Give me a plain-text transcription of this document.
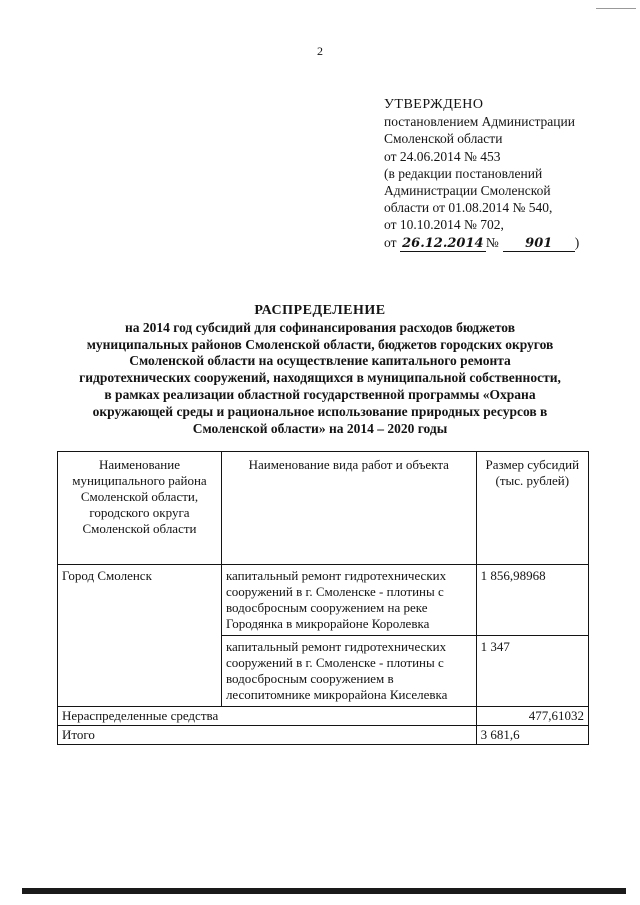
2
УТВЕРЖДЕНО
постановлением Администрации
Смоленской области
от 24.06.2014 № 453
(в редакции постановлений
Администрации Смоленской
области от 01.08.2014 № 540,
от 10.10.2014 № 702,
от 26.12.2014 № 901 )
РАСПРЕДЕЛЕНИЕ
на 2014 год субсидий для софинансирования расходов бюджетов
муниципальных районов Смоленской области, бюджетов городских округов
Смоленской области на осуществление капитального ремонта
гидротехнических сооружений, находящихся в муниципальной собственности,
в рамках реализации областной государственной программы «Охрана
окружающей среды и рациональное использование природных ресурсов в
Смоленской области» на 2014 – 2020 годы
Наименование муниципального района Смоленской области, городского округа Смоленской области	Наименование вида работ и объекта	Размер субсидий (тыс. рублей)
Город Смоленск	капитальный ремонт гидротехнических сооружений в г. Смоленске - плотины с водосбросным сооружением на реке Городянка в микрорайоне Королевка	1 856,98968
	капитальный ремонт гидротехнических сооружений в г. Смоленске - плотины с водосбросным сооружением в лесопитомнике микрорайона Киселевка	1 347
Нераспределенные средства		477,61032
Итого		3 681,6
